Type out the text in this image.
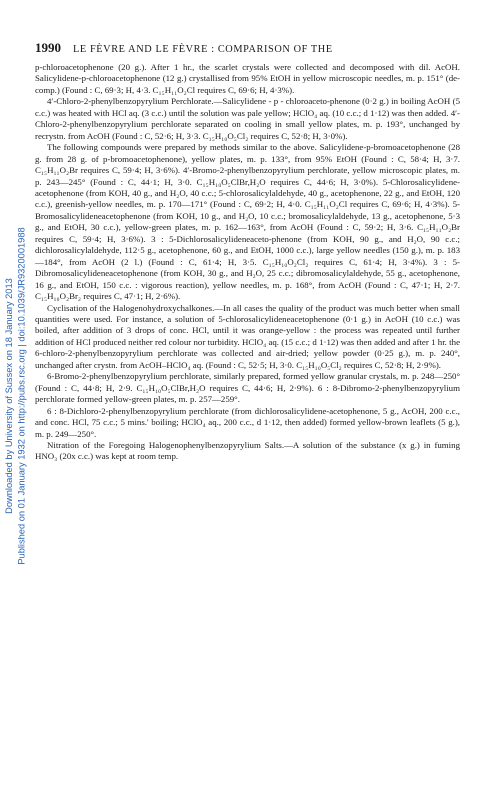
Downloaded by University of Sussex on 18 January 2013 Published on 01 January 1932 on http://pubs.rsc.org | doi:10.1039/JR9320001988
1990 LE FÈVRE AND LE FÈVRE : COMPARISON OF THE

p-chloroacetophenone (20 g.). After 1 hr., the scarlet crystals were collected and decomposed with dil. AcOH. Salicylidene-p-chloroacetophenone (12 g.) crystallised from 95% EtOH in yellow microscopic needles, m. p. 151° (de-comp.) (Found : C, 69·3; H, 4·3. C₁₅H₁₁O₂Cl requires C, 69·6; H, 4·3%).

4′-Chloro-2-phenylbenzopyrylium Perchlorate.—Salicylidene - p - chloroaceto-phenone (0·2 g.) in boiling AcOH (5 c.c.) was heated with HCl aq. (3 c.c.) until the solution was pale yellow; HClO₄ aq. (10 c.c.; d 1·12) was then added. 4′-Chloro-2-phenylbenzopyrylium perchlorate separated on cooling in small yellow plates, m. p. 193°, unchanged by recrystn. from AcOH (Found : C, 52·6; H, 3·3. C₁₅H₁₀O₅Cl₂ requires C, 52·8; H, 3·0%).

The following compounds were prepared by methods similar to the above. Salicylidene-p-bromoacetophenone (28 g. from 28 g. of p-bromoacetophenone), yellow plates, m. p. 133°, from 95% EtOH (Found : C, 58·4; H, 3·7. C₁₅H₁₁O₂Br requires C, 59·4; H, 3·6%). 4′-Bromo-2-phenylbenzopyrylium perchlorate, yellow microscopic plates, m. p. 243—245° (Found : C, 44·1; H, 3·0. C₁₅H₁₀O₅ClBr,H₂O requires C, 44·6; H, 3·0%). 5-Chlorosalicylidene-acetophenone (from KOH, 40 g., and H₂O, 40 c.c.; 5-chlorosalicylaldehyde, 40 g., acetophenone, 22 g., and EtOH, 120 c.c.), greenish-yellow needles, m. p. 170—171° (Found : C, 69·2; H, 4·0. C₁₅H₁₁O₂Cl requires C, 69·6; H, 4·3%). 5-Bromosalicylideneacetophenone (from KOH, 10 g., and H₂O, 10 c.c.; bromosalicylaldehyde, 13 g., acetophenone, 5·3 g., and EtOH, 30 c.c.), yellow-green plates, m. p. 162—163°, from AcOH (Found : C, 59·2; H, 3·6. C₁₅H₁₁O₂Br requires C, 59·4; H, 3·6%). 3 : 5-Dichlorosalicylideneaceto-phenone (from KOH, 90 g., and H₂O, 90 c.c.; dichlorosalicylaldehyde, 112·5 g., acetophenone, 60 g., and EtOH, 1000 c.c.), large yellow needles (150 g.), m. p. 183—184°, from AcOH (2 l.) (Found : C, 61·4; H, 3·5. C₁₅H₁₀O₂Cl₂ requires C, 61·4; H, 3·4%). 3 : 5-Dibromosalicylideneacetophenone (from KOH, 30 g., and H₂O, 25 c.c.; dibromosalicylaldehyde, 55 g., acetophenone, 16 g., and EtOH, 150 c.c. : vigorous reaction), yellow needles, m. p. 168°, from AcOH (Found : C, 47·1; H, 2·7. C₁₅H₁₀O₂Br₂ requires C, 47·1; H, 2·6%).

Cyclisation of the Halogenohydroxychalkones.—In all cases the quality of the product was much better when small quantities were used. For instance, a solution of 5-chlorosalicylideneacetophenone (0·1 g.) in AcOH (10 c.c.) was boiled, after addition of 3 drops of conc. HCl, until it was orange-yellow : the process was repeated until further addition of HCl produced neither red colour nor turbidity. HClO₄ aq. (15 c.c.; d 1·12) was then added and after 1 hr. the 6-chloro-2-phenylbenzopyrylium perchlorate was collected and air-dried; yellow powder (0·25 g.), m. p. 240°, unchanged after crystn. from AcOH–HClO₄ aq. (Found : C, 52·5; H, 3·0. C₁₅H₁₀O₅Cl₂ requires C, 52·8; H, 2·9%).

6-Bromo-2-phenylbenzopyrylium perchlorate, similarly prepared, formed yellow granular crystals, m. p. 248—250° (Found : C, 44·8; H, 2·9. C₁₅H₁₀O₅ClBr,H₂O requires C, 44·6; H, 2·9%). 6 : 8-Dibromo-2-phenylbenzopyrylium perchlorate formed yellow-green plates, m. p. 257—259°.

6 : 8-Dichloro-2-phenylbenzopyrylium perchlorate (from dichlorosalicylidene-acetophenone, 5 g., AcOH, 200 c.c., and conc. HCl, 75 c.c.; 5 mins.' boiling; HClO₄ aq., 200 c.c., d 1·12, then added) formed yellow-brown leaflets (5 g.), m. p. 249—250°.

Nitration of the Foregoing Halogenophenylbenzopyrylium Salts.—A solution of the substance (x g.) in fuming HNO₃ (20x c.c.) was kept at room temp.
